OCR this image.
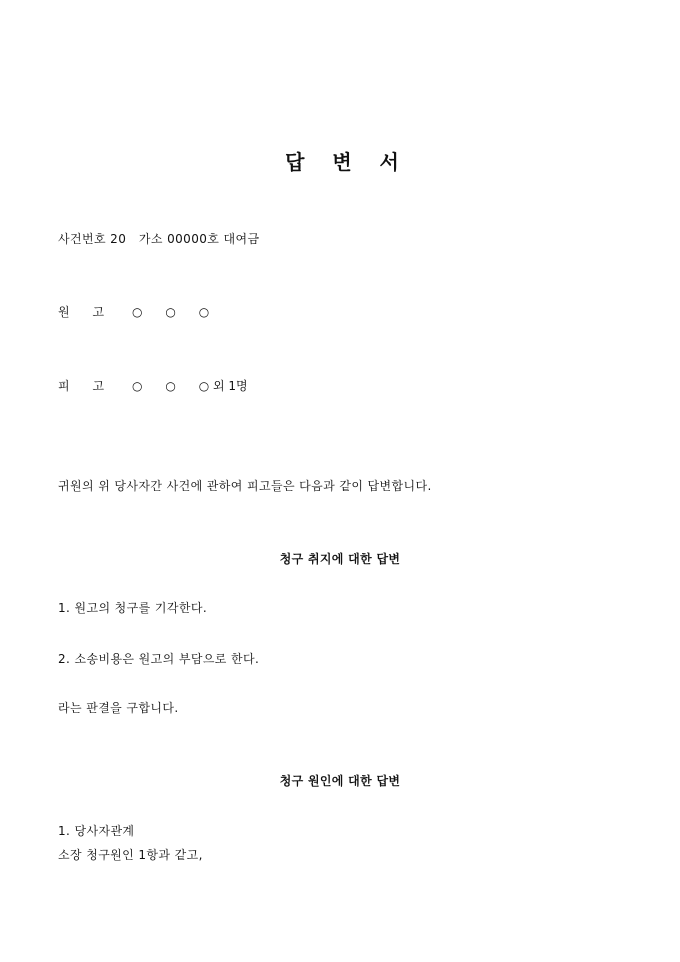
답    변    서
사건번호 20   가소 00000호 대여금
원      고	○      ○      ○
피      고	○      ○      ○ 외 1명
귀원의 위 당사자간 사건에 관하여 피고들은 다음과 같이 답변합니다.
청구 취지에 대한 답변
1. 원고의 청구를 기각한다.
2. 소송비용은 원고의 부담으로 한다.
라는 판결을 구합니다.
청구 원인에 대한 답변
1. 당사자관계
소장 청구원인 1항과 같고,
